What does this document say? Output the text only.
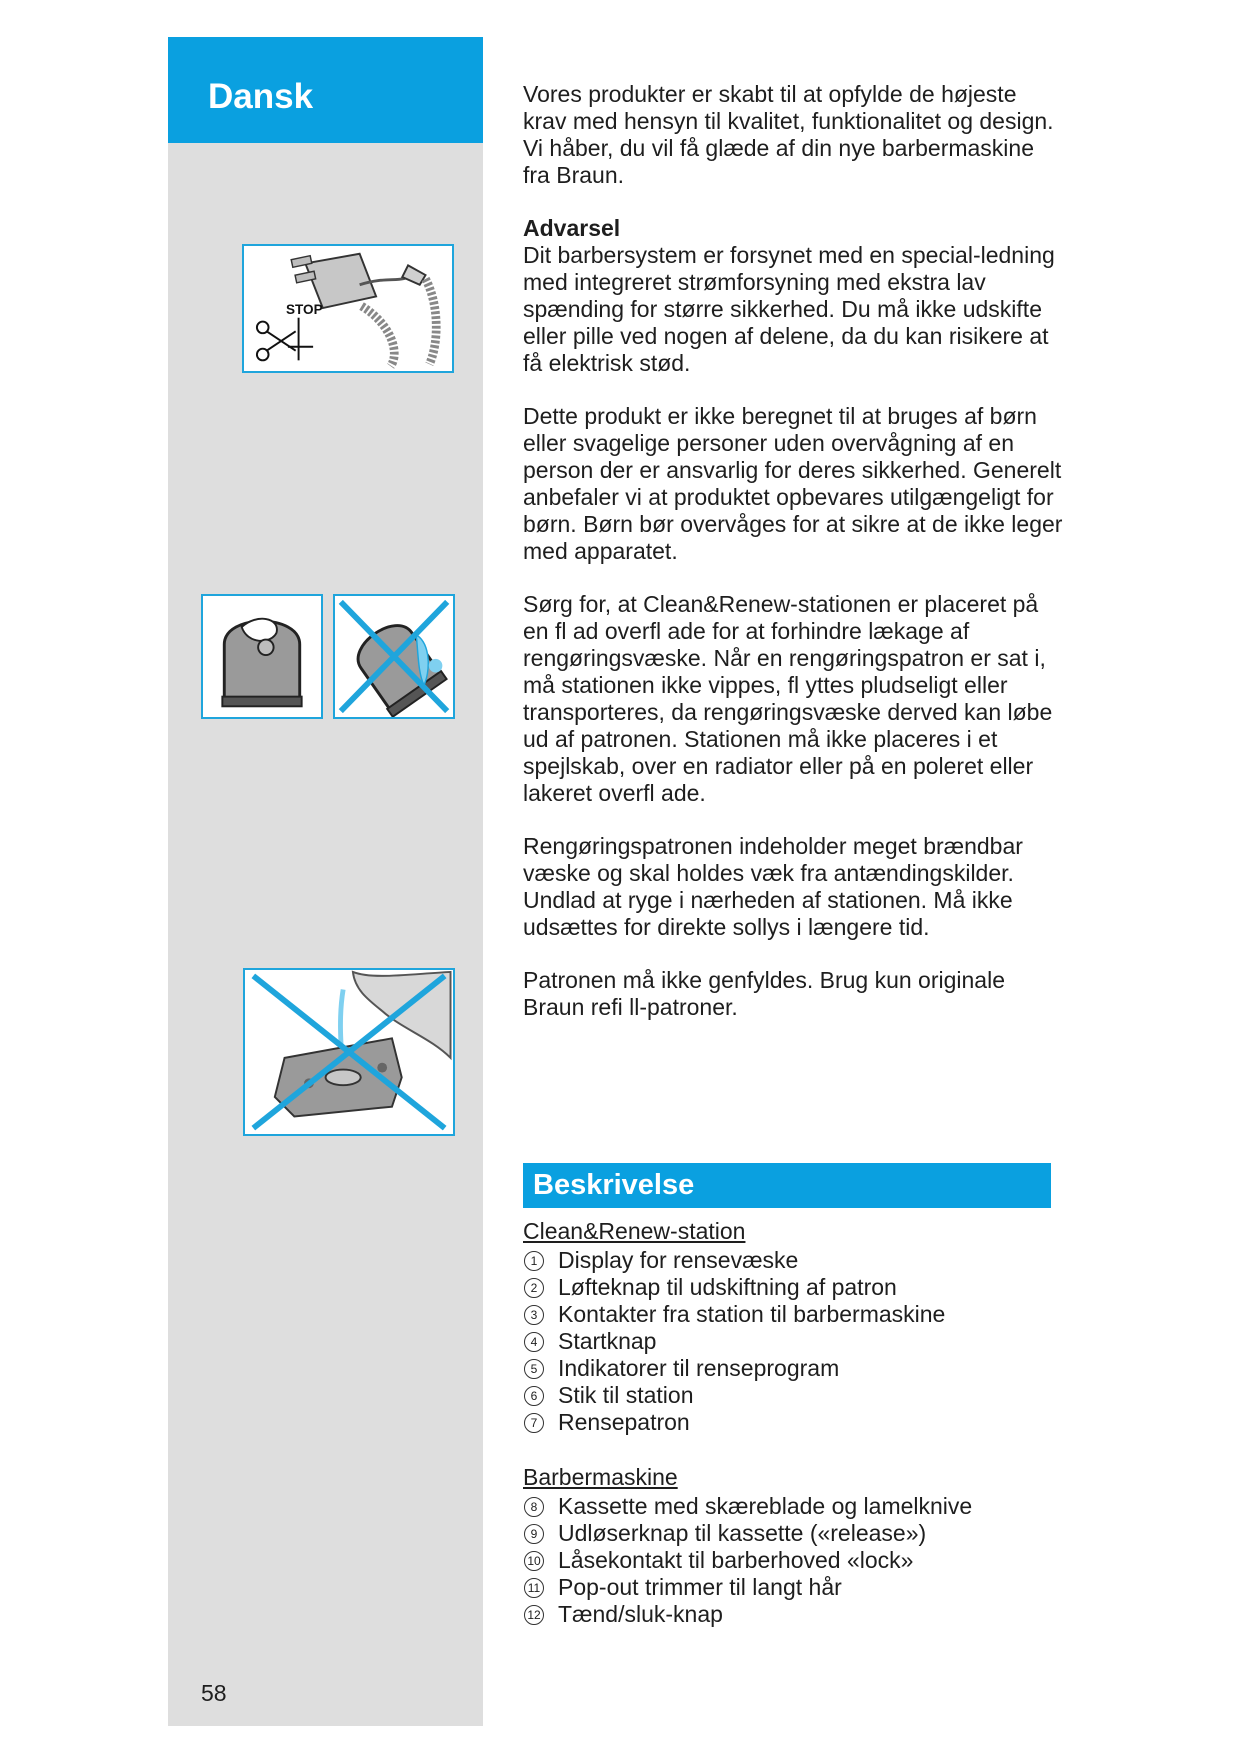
Dansk
STOP
58

Vores produkter er skabt til at opfylde de højeste krav med hensyn til kvalitet, funktionalitet og design. Vi håber, du vil få glæde af din nye barbermaskine fra Braun.

Advarsel

Dit barbersystem er forsynet med en special-ledning med integreret strømforsyning med ekstra lav spænding for større sikkerhed. Du må ikke udskifte eller pille ved nogen af delene, da du kan risikere at få elektrisk stød.

Dette produkt er ikke beregnet til at bruges af børn eller svagelige personer uden overvågning af en person der er ansvarlig for deres sikkerhed. Generelt anbefaler vi at produktet opbevares utilgængeligt for børn. Børn bør overvåges for at sikre at de ikke leger med apparatet.

Sørg for, at Clean&Renew-stationen er placeret på en fl ad overfl ade for at forhindre lækage af rengøringsvæske. Når en rengøringspatron er sat i, må stationen ikke vippes, fl yttes pludseligt eller transporteres, da rengøringsvæske derved kan løbe ud af patronen. Stationen må ikke placeres i et spejlskab, over en radiator eller på en poleret eller lakeret overfl ade.

Rengøringspatronen indeholder meget brændbar væske og skal holdes væk fra antændingskilder. Undlad at ryge i nærheden af stationen. Må ikke udsættes for direkte sollys i længere tid.

Patronen må ikke genfyldes. Brug kun originale Braun refi ll-patroner.

Beskrivelse

Clean&Renew-station

1 Display for rensevæske
2 Løfteknap til udskiftning af patron
3 Kontakter fra station til barbermaskine
4 Startknap
5 Indikatorer til renseprogram
6 Stik til station
7 Rensepatron

Barbermaskine

8 Kassette med skæreblade og lamelknive
9 Udløserknap til kassette («release»)
10 Låsekontakt til barberhoved «lock»
11 Pop-out trimmer til langt hår
12 Tænd/sluk-knap
